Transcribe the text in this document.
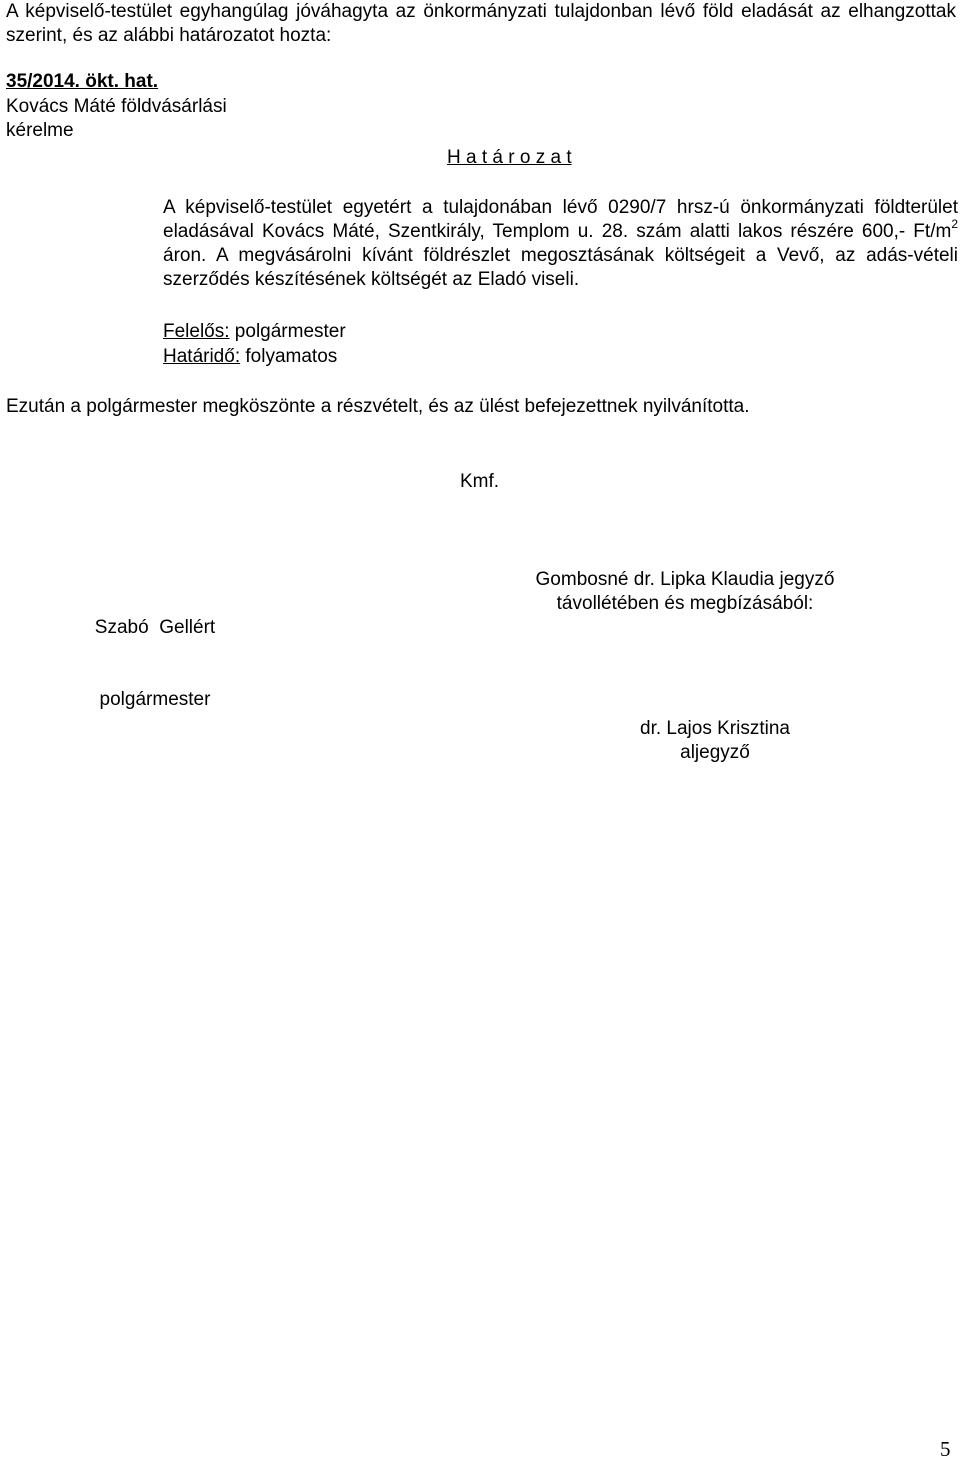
A képviselő-testület egyhangúlag jóváhagyta az önkormányzati tulajdonban lévő föld eladását az elhangzottak szerint, és az alábbi határozatot hozta:
35/2014. ökt. hat.
Kovács Máté földvásárlási
kérelme
H a t á r o z a t
A képviselő-testület egyetért a tulajdonában lévő 0290/7 hrsz-ú önkormányzati földterület eladásával Kovács Máté, Szentkirály, Templom u. 28. szám alatti lakos részére 600,- $Ft/m^2$ áron. A megvásárolni kívánt földrészlet megosztásának költségeit a Vevő, az adás-vételi szerződés készítésének költségét az Eladó viseli.
Felelős: polgármester
Határidő: folyamatos
Ezután a polgármester megköszönte a részvételt, és az ülést befejezettnek nyilvánította.
Kmf.

Szabó  Gellért

polgármester

Gombosné dr. Lipka Klaudia jegyző
távollétében és megbízásából:
dr. Lajos Krisztina
aljegyző
5
